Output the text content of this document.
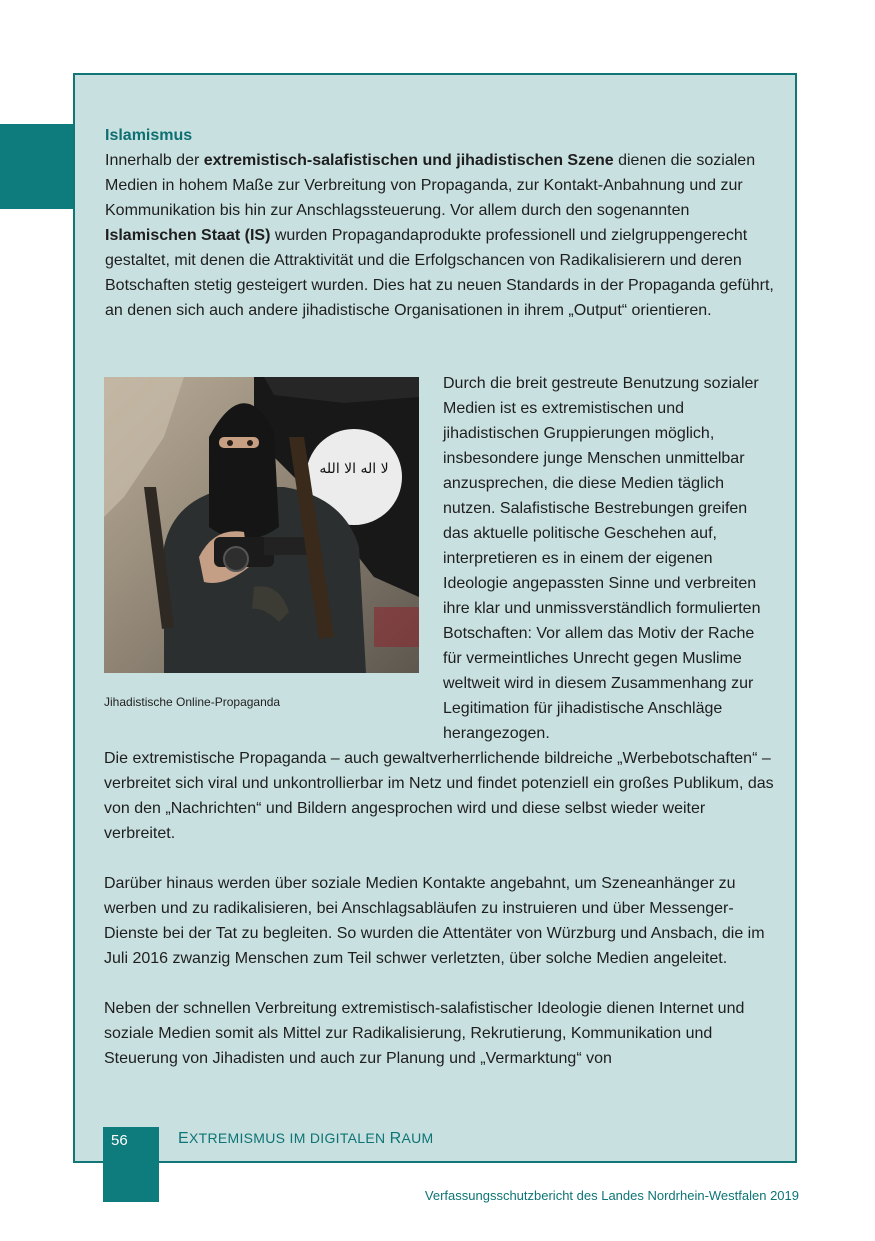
Islamismus

Innerhalb der extremistisch-salafistischen und jihadistischen Szene dienen die sozialen Medien in hohem Maße zur Verbreitung von Propaganda, zur Kontakt-Anbahnung und zur Kommunikation bis hin zur Anschlagssteuerung. Vor allem durch den sogenannten Islamischen Staat (IS) wurden Propagandaprodukte professionell und zielgruppengerecht gestaltet, mit denen die Attraktivität und die Erfolgschancen von Radikalisierern und deren Botschaften stetig gesteigert wurden. Dies hat zu neuen Standards in der Propaganda geführt, an denen sich auch andere jihadistische Organisationen in ihrem „Output“ orientieren.

لا اله الا الله
Jihadistische Online-Propaganda

Durch die breit gestreute Benutzung sozialer Medien ist es extremistischen und jihadistischen Gruppierungen möglich, insbesondere junge Menschen unmittelbar anzusprechen, die diese Medien täglich nutzen. Salafistische Bestrebungen greifen das aktuelle politische Geschehen auf, interpretieren es in einem der eigenen Ideologie angepassten Sinne und verbreiten ihre klar und unmissverständlich formulierten Botschaften: Vor allem das Motiv der Rache für vermeintliches Unrecht gegen Muslime weltweit wird in diesem Zusammenhang zur Legitimation für jihadistische Anschläge herangezogen.

Die extremistische Propaganda – auch gewaltverherrlichende bildreiche „Werbebotschaften“ – verbreitet sich viral und unkontrollierbar im Netz und findet potenziell ein großes Publikum, das von den „Nachrichten“ und Bildern angesprochen wird und diese selbst wieder weiter verbreitet.

Darüber hinaus werden über soziale Medien Kontakte angebahnt, um Szeneanhänger zu werben und zu radikalisieren, bei Anschlagsabläufen zu instruieren und über Messenger-Dienste bei der Tat zu begleiten. So wurden die Attentäter von Würzburg und Ansbach, die im Juli 2016 zwanzig Menschen zum Teil schwer verletzten, über solche Medien angeleitet.

Neben der schnellen Verbreitung extremistisch-salafistischer Ideologie dienen Internet und soziale Medien somit als Mittel zur Radikalisierung, Rekrutierung, Kommunikation und Steuerung von Jihadisten und auch zur Planung und „Vermarktung“ von

56	EXTREMISMUS IM DIGITALEN RAUM
Verfassungsschutzbericht des Landes Nordrhein-Westfalen 2019
